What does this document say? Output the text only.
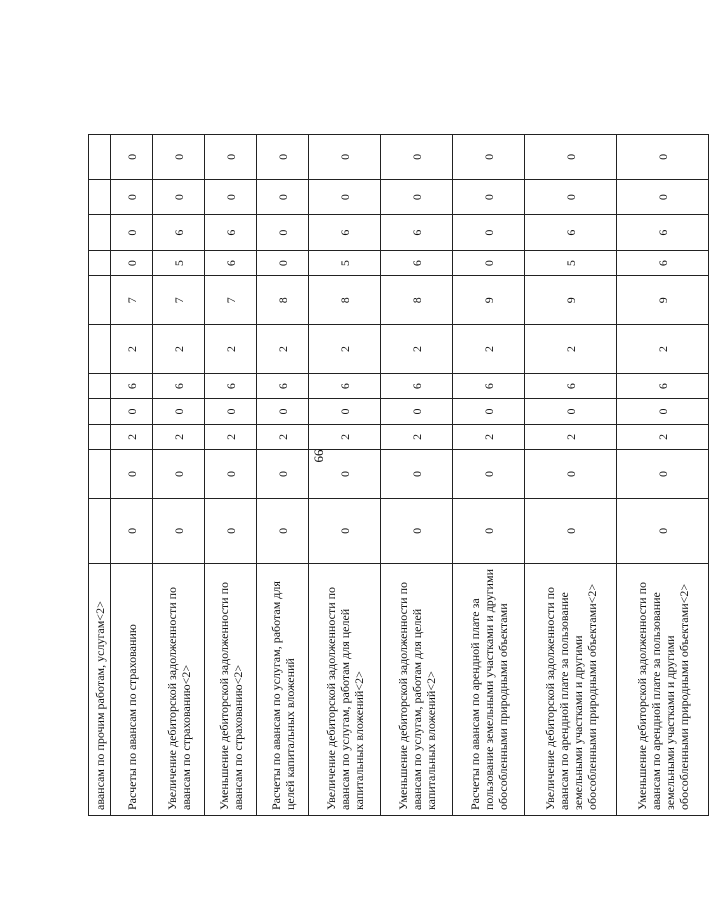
99
авансам по прочим работам, услугам<2>											
Расчеты по авансам по страхованию	0	0	2	0	6	2	7	0	0	0	0
Увеличение дебиторской задолженности по авансам по страхованию<2>	0	0	2	0	6	2	7	5	6	0	0
Уменьшение дебиторской задолженности по авансам по страхованию<2>	0	0	2	0	6	2	7	6	6	0	0
Расчеты по авансам по услугам, работам для целей капитальных вложений	0	0	2	0	6	2	8	0	0	0	0
Увеличение дебиторской задолженности по авансам по услугам, работам для целей капитальных вложений<2>	0	0	2	0	6	2	8	5	6	0	0
Уменьшение дебиторской задолженности по авансам по услугам, работам для целей капитальных вложений<2>	0	0	2	0	6	2	8	6	6	0	0
Расчеты по авансам по арендной плате за пользование земельными участками и другими обособленными природными объектами	0	0	2	0	6	2	9	0	0	0	0
Увеличение дебиторской задолженности по авансам по арендной плате за пользование земельными участками и другими обособленными природными объектами<2>	0	0	2	0	6	2	9	5	6	0	0
Уменьшение дебиторской задолженности по авансам по арендной плате за пользование земельными участками и другими обособленными природными объектами<2>	0	0	2	0	6	2	9	6	6	0	0
